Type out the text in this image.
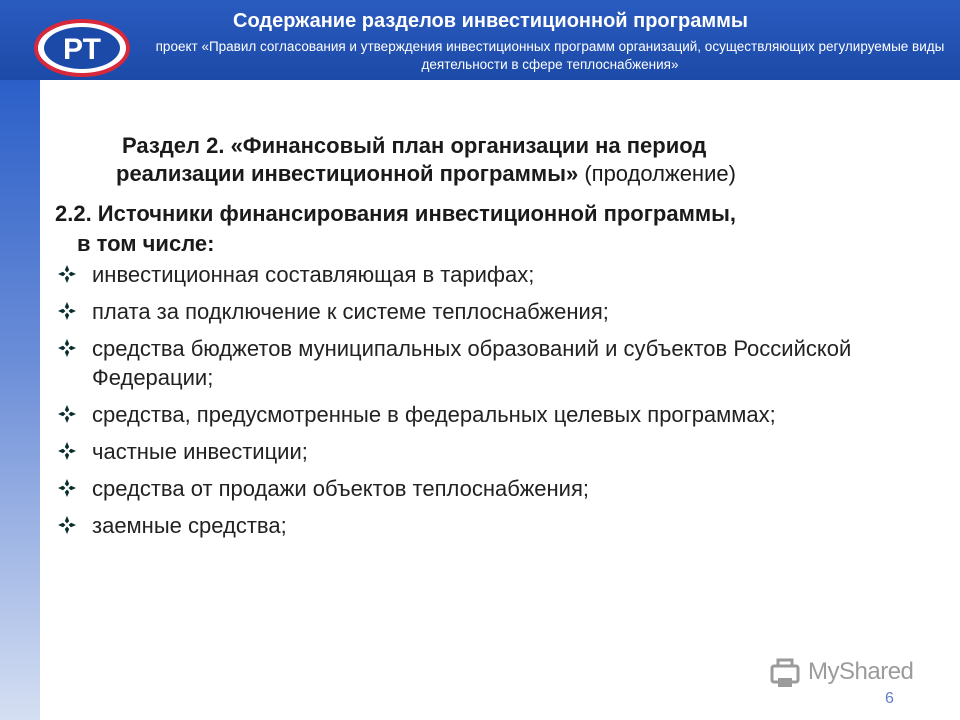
РТ
Содержание разделов инвестиционной программы
проект «Правил согласования и утверждения инвестиционных программ организаций, осуществляющих регулируемые виды деятельности в сфере теплоснабжения»
Раздел 2. «Финансовый план организации на период
реализации инвестиционной программы» (продолжение)
2.2. Источники финансирования инвестиционной программы,
в том числе:
инвестиционная составляющая в тарифах;
плата за подключение к системе теплоснабжения;
средства бюджетов муниципальных образований и субъектов Российской Федерации;
средства, предусмотренные в федеральных целевых программах;
частные инвестиции;
средства от продажи объектов теплоснабжения;
заемные средства;
MyShared
6
